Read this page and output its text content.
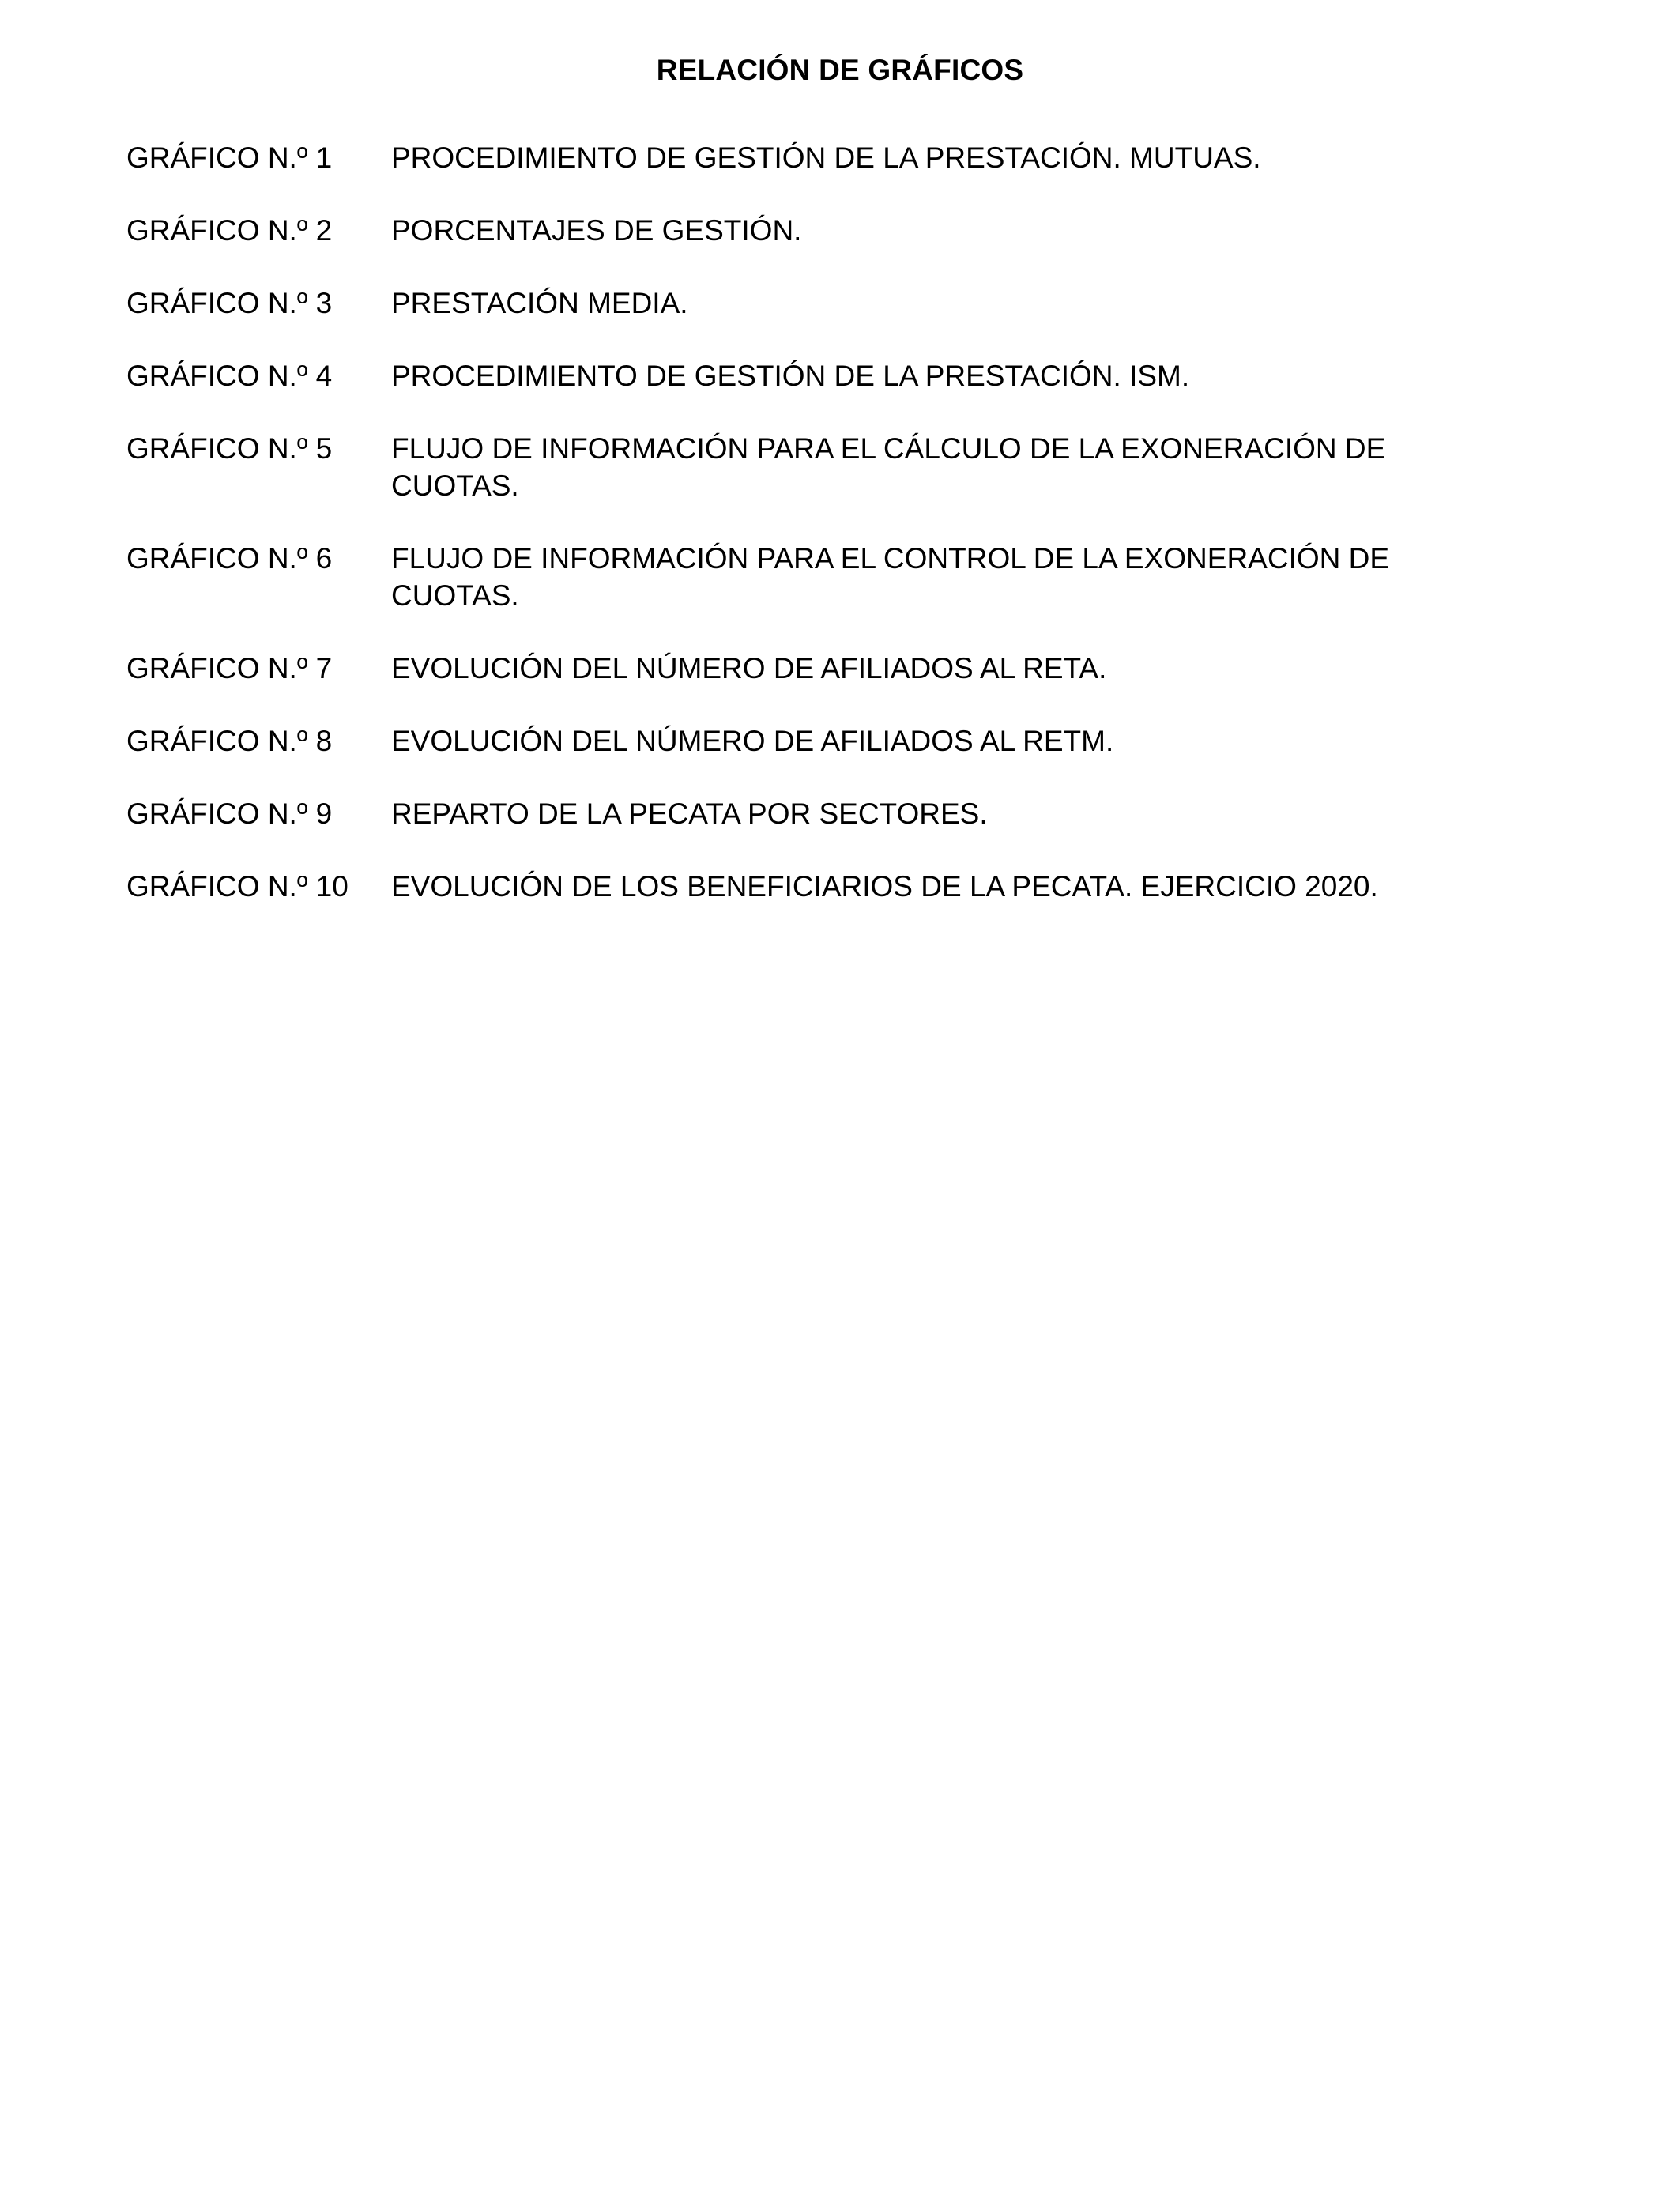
RELACIÓN DE GRÁFICOS
GRÁFICO N.º 1	PROCEDIMIENTO DE GESTIÓN DE LA PRESTACIÓN. MUTUAS.
GRÁFICO N.º 2	PORCENTAJES DE GESTIÓN.
GRÁFICO N.º 3	PRESTACIÓN MEDIA.
GRÁFICO N.º 4	PROCEDIMIENTO DE GESTIÓN DE LA PRESTACIÓN. ISM.
GRÁFICO N.º 5	FLUJO DE INFORMACIÓN PARA EL CÁLCULO DE LA EXONERACIÓN DE CUOTAS.
GRÁFICO N.º 6	FLUJO DE INFORMACIÓN PARA EL CONTROL DE LA EXONERACIÓN DE CUOTAS.
GRÁFICO N.º 7	EVOLUCIÓN DEL NÚMERO DE AFILIADOS AL RETA.
GRÁFICO N.º 8	EVOLUCIÓN DEL NÚMERO DE AFILIADOS AL RETM.
GRÁFICO N.º 9	REPARTO DE LA PECATA POR SECTORES.
GRÁFICO N.º 10	EVOLUCIÓN DE LOS BENEFICIARIOS DE LA PECATA. EJERCICIO 2020.
